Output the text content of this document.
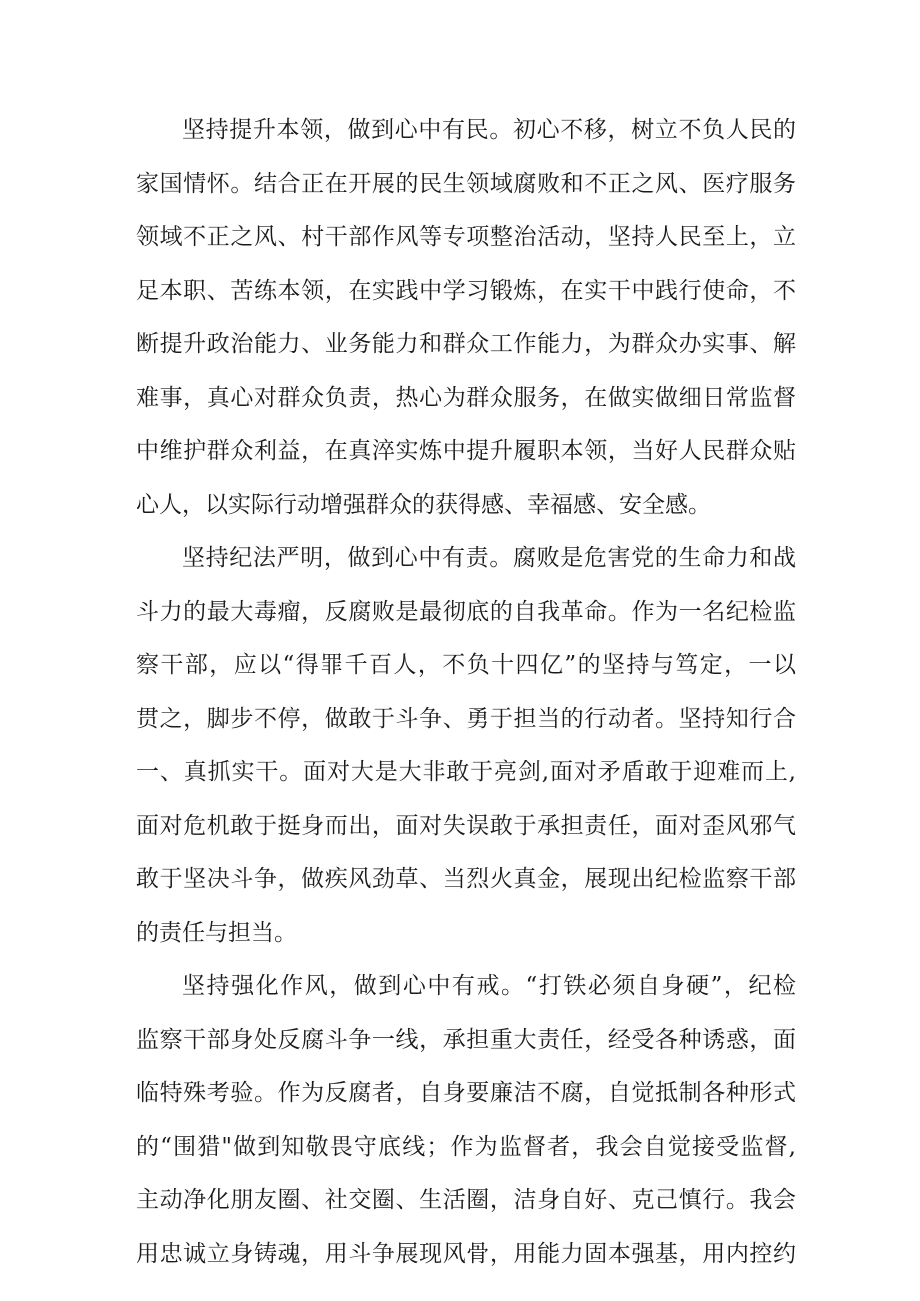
坚持提升本领，做到心中有民。初心不移，树立不负人民的
家国情怀。结合正在开展的民生领域腐败和不正之风、医疗服务
领域不正之风、村干部作风等专项整治活动，坚持人民至上，立
足本职、苦练本领，在实践中学习锻炼，在实干中践行使命，不
断提升政治能力、业务能力和群众工作能力，为群众办实事、解
难事，真心对群众负责，热心为群众服务，在做实做细日常监督
中维护群众利益，在真淬实炼中提升履职本领，当好人民群众贴
心人，以实际行动增强群众的获得感、幸福感、安全感。
坚持纪法严明，做到心中有责。腐败是危害党的生命力和战
斗力的最大毒瘤，反腐败是最彻底的自我革命。作为一名纪检监
察干部，应以“得罪千百人，不负十四亿”的坚持与笃定，一以
贯之，脚步不停，做敢于斗争、勇于担当的行动者。坚持知行合
一、真抓实干。面对大是大非敢于亮剑,面对矛盾敢于迎难而上,
面对危机敢于挺身而出，面对失误敢于承担责任，面对歪风邪气
敢于坚决斗争，做疾风劲草、当烈火真金，展现出纪检监察干部
的责任与担当。
坚持强化作风，做到心中有戒。“打铁必须自身硬”，纪检
监察干部身处反腐斗争一线，承担重大责任，经受各种诱惑，面
临特殊考验。作为反腐者，自身要廉洁不腐，自觉抵制各种形式
的“围猎"做到知敬畏守底线；作为监督者，我会自觉接受监督,
主动净化朋友圈、社交圈、生活圈，洁身自好、克己慎行。我会
用忠诚立身铸魂，用斗争展现风骨，用能力固本强基，用内控约
